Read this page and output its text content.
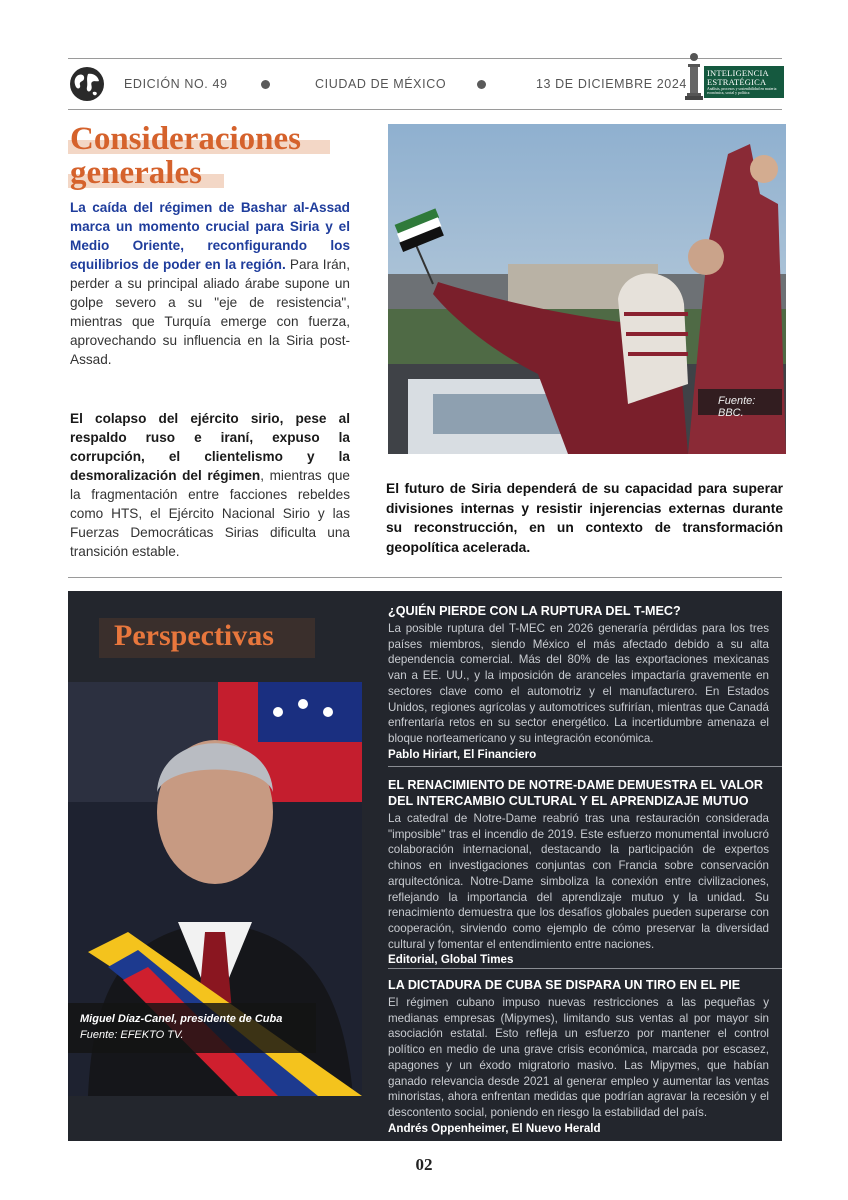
EDICIÓN NO. 49	CIUDAD DE MÉXICO	13 DE DICIEMBRE 2024
INTELIGENCIA
ESTRATÉGICA
Análisis, procesos y sostenibilidad en materia económica, social y política
Consideraciones
generales

La caída del régimen de Bashar al-Assad marca un momento crucial para Siria y el Medio Oriente, reconfigurando los equilibrios de poder en la región. Para Irán, perder a su principal aliado árabe supone un golpe severo a su "eje de resistencia", mientras que Turquía emerge con fuerza, aprovechando su influencia en la Siria post-Assad.

El colapso del ejército sirio, pese al respaldo ruso e iraní, expuso la corrupción, el clientelismo y la desmoralización del régimen, mientras que la fragmentación entre facciones rebeldes como HTS, el Ejército Nacional Sirio y las Fuerzas Democráticas Sirias dificulta una transición estable.

Fuente: BBC.

El futuro de Siria dependerá de su capacidad para superar divisiones internas y resistir injerencias externas durante su reconstrucción, en un contexto de transformación geopolítica acelerada.

Perspectivas
Miguel Díaz-Canel, presidente de Cuba
Fuente: EFEKTO TV.
¿QUIÉN PIERDE CON LA RUPTURA DEL T-MEC?

La posible ruptura del T-MEC en 2026 generaría pérdidas para los tres países miembros, siendo México el más afectado debido a su alta dependencia comercial. Más del 80% de las exportaciones mexicanas van a EE. UU., y la imposición de aranceles impactaría gravemente en sectores clave como el automotriz y el manufacturero. En Estados Unidos, regiones agrícolas y automotrices sufrirían, mientras que Canadá enfrentaría retos en su sector energético. La incertidumbre amenaza el bloque norteamericano y su integración económica.

Pablo Hiriart, El Financiero
EL RENACIMIENTO DE NOTRE-DAME DEMUESTRA EL VALOR DEL INTERCAMBIO CULTURAL Y EL APRENDIZAJE MUTUO

La catedral de Notre-Dame reabrió tras una restauración considerada "imposible" tras el incendio de 2019. Este esfuerzo monumental involucró colaboración internacional, destacando la participación de expertos chinos en investigaciones conjuntas con Francia sobre conservación arquitectónica. Notre-Dame simboliza la conexión entre civilizaciones, reflejando la importancia del aprendizaje mutuo y la unidad. Su renacimiento demuestra que los desafíos globales pueden superarse con cooperación, sirviendo como ejemplo de cómo preservar la diversidad cultural y fomentar el entendimiento entre naciones.

Editorial, Global Times
LA DICTADURA DE CUBA SE DISPARA UN TIRO EN EL PIE

El régimen cubano impuso nuevas restricciones a las pequeñas y medianas empresas (Mipymes), limitando sus ventas al por mayor sin asociación estatal. Esto refleja un esfuerzo por mantener el control político en medio de una grave crisis económica, marcada por escasez, apagones y un éxodo migratorio masivo. Las Mipymes, que habían ganado relevancia desde 2021 al generar empleo y aumentar las ventas minoristas, ahora enfrentan medidas que podrían agravar la recesión y el descontento social, poniendo en riesgo la estabilidad del país.

Andrés Oppenheimer, El Nuevo Herald
02
